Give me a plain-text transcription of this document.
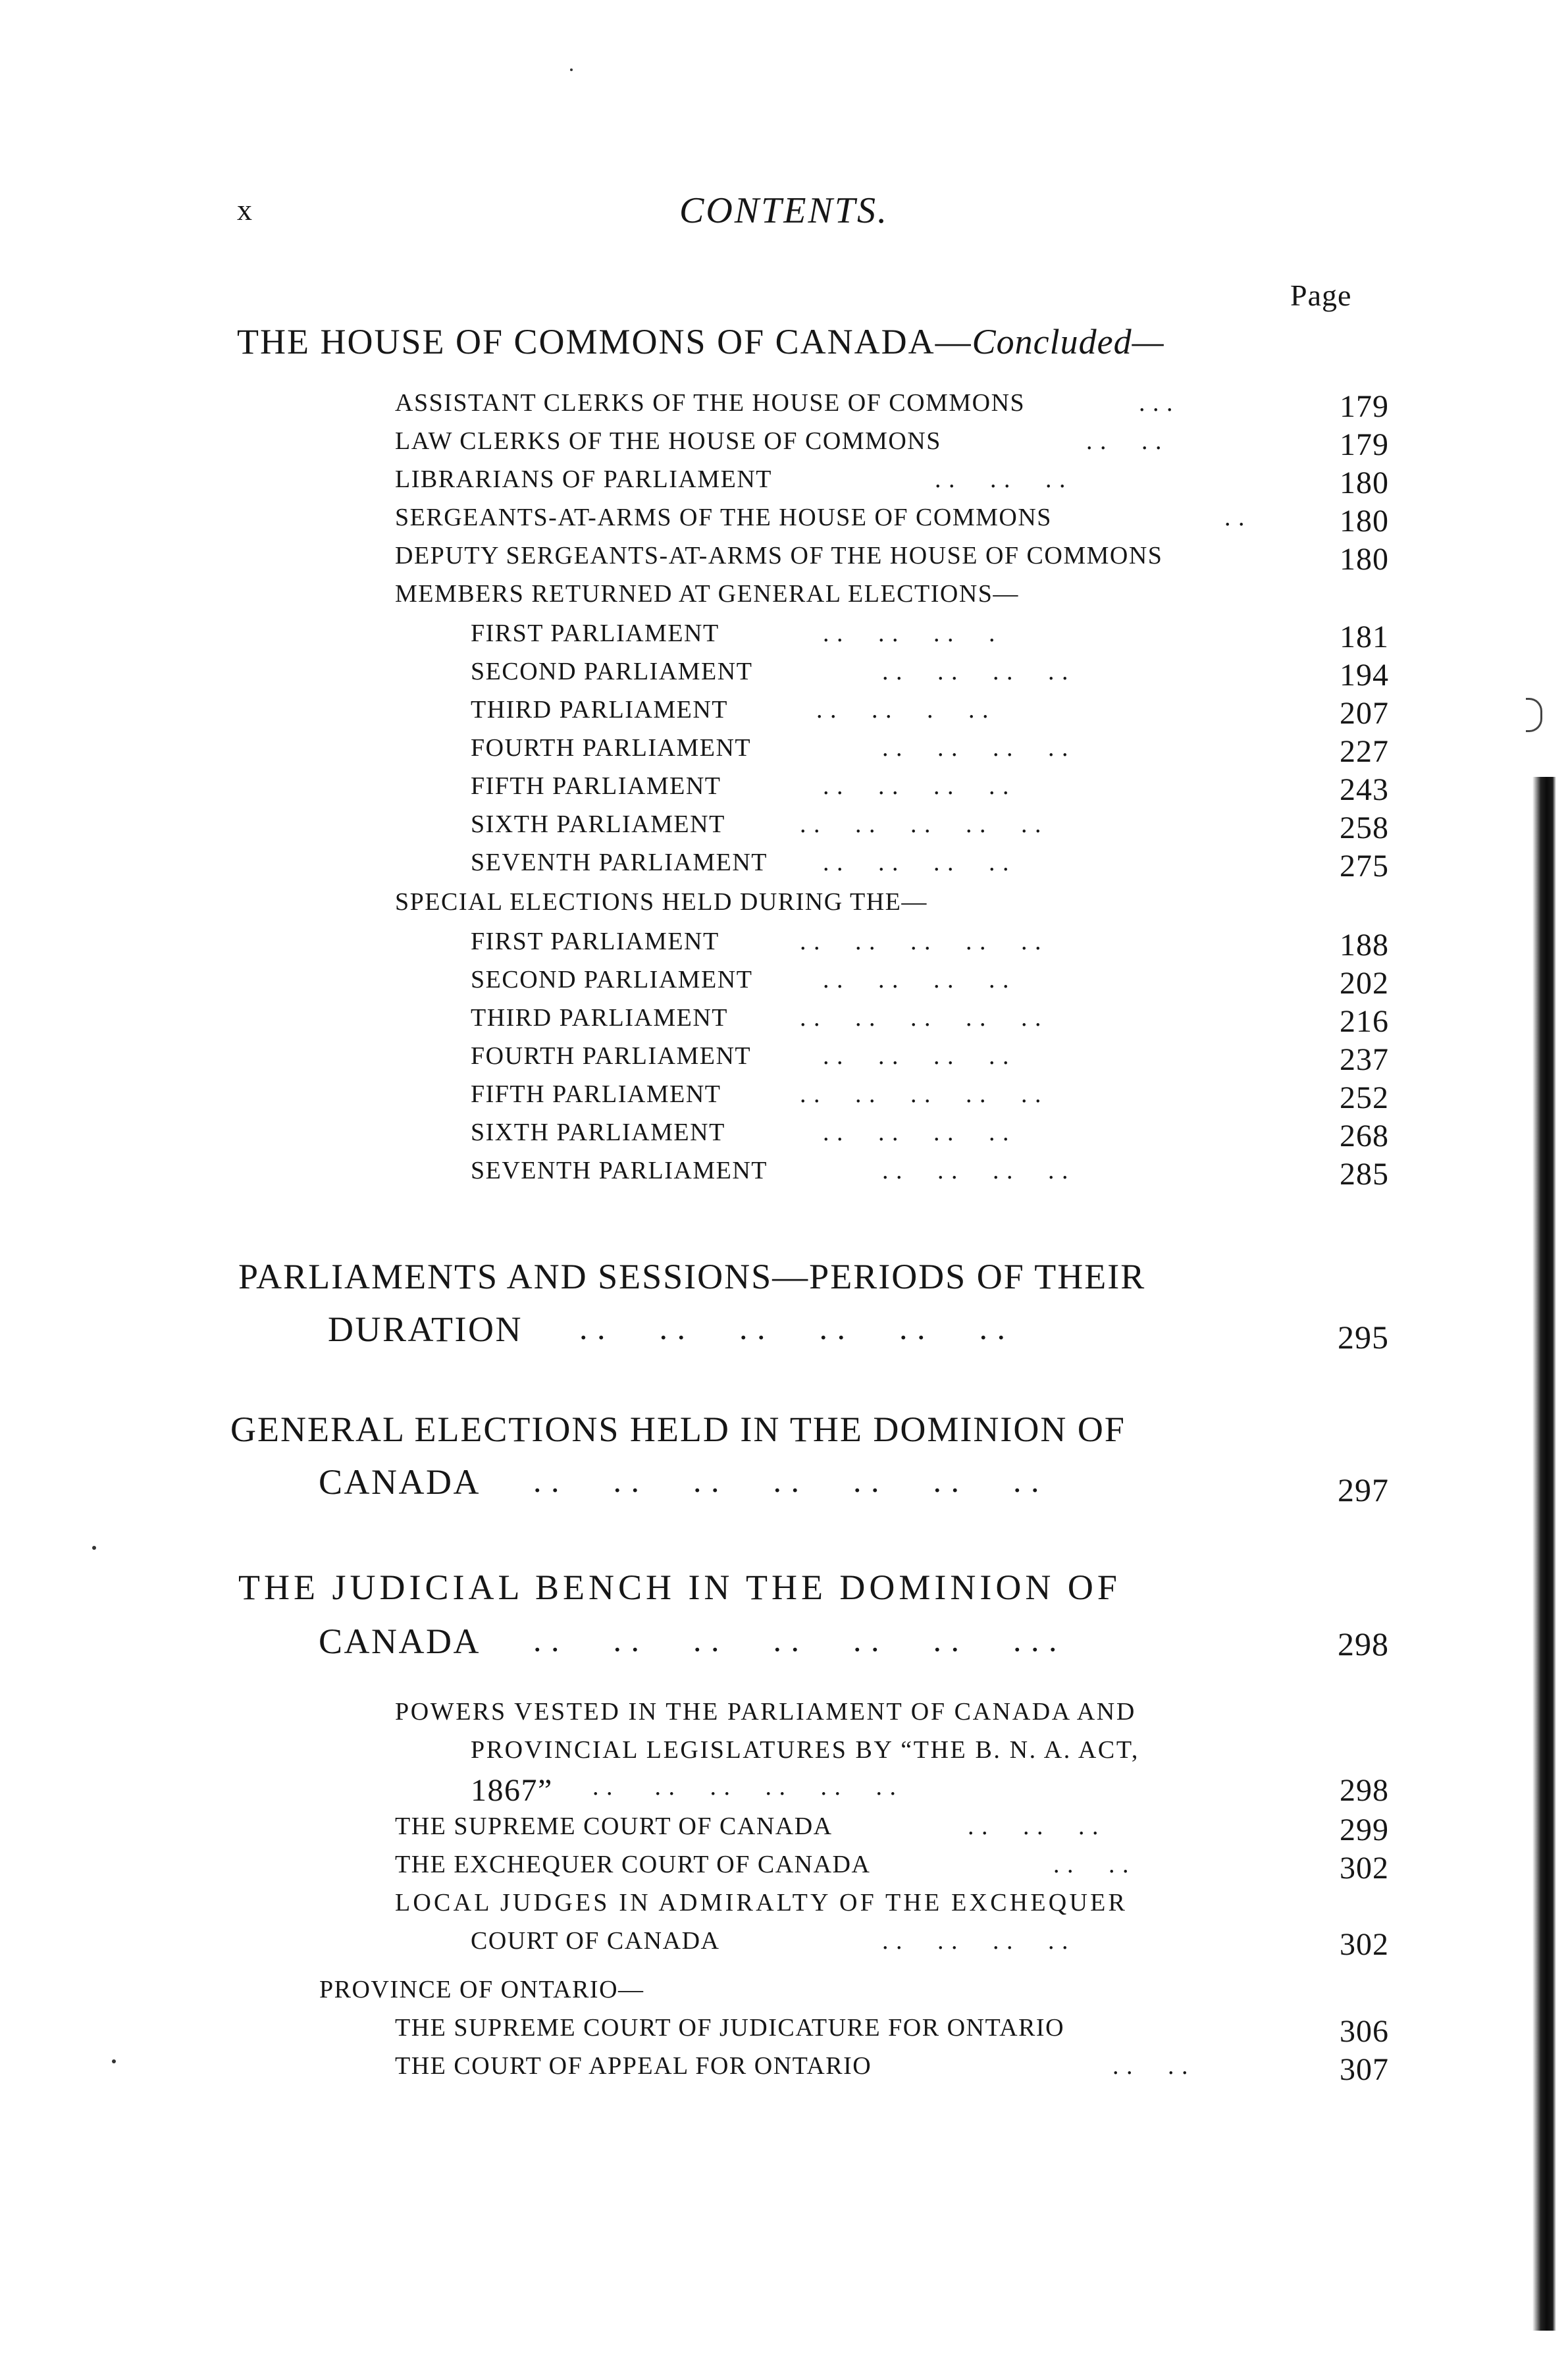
x	CONTENTS.
Page
THE HOUSE OF COMMONS OF CANADA—Concluded—
ASSISTANT CLERKS OF THE HOUSE OF COMMONS	. . .	179
LAW CLERKS OF THE HOUSE OF COMMONS	. .     . .	179
LIBRARIANS OF PARLIAMENT	. .     . .     . .	180
SERGEANTS-AT-ARMS OF THE HOUSE OF COMMONS	. .	180
DEPUTY SERGEANTS-AT-ARMS OF THE HOUSE OF COMMONS	180
MEMBERS RETURNED AT GENERAL ELECTIONS—
FIRST PARLIAMENT	. .     . .     . .     .	181
SECOND PARLIAMENT	. .     . .     . .     . .	194
THIRD PARLIAMENT	. .     . .     .     . .	207
FOURTH PARLIAMENT	. .     . .     . .     . .	227
FIFTH PARLIAMENT	. .     . .     . .     . .	243
SIXTH PARLIAMENT	. .     . .     . .     . .     . .	258
SEVENTH PARLIAMENT . .     . .     . .     . .	275
SPECIAL ELECTIONS HELD DURING THE—
FIRST PARLIAMENT	. .     . .     . .     . .     . .	188
SECOND PARLIAMENT	. .     . .     . .     . .	202
THIRD PARLIAMENT	. .     . .     . .     . .     . .	216
FOURTH PARLIAMENT	. .     . .     . .     . .	237
FIFTH PARLIAMENT	. .     . .     . .     . .     . .	252
SIXTH PARLIAMENT	. .     . .     . .     . .	268
SEVENTH PARLIAMENT	. .     . .     . .     . .	285
PARLIAMENTS AND SESSIONS—PERIODS OF THEIR
DURATION . .      . .      . .      . .      . .      . .	295
GENERAL ELECTIONS HELD IN THE DOMINION OF
CANADA . .      . .      . .      . .      . .      . .      . .	297
THE JUDICIAL BENCH IN THE DOMINION OF
CANADA . .      . .      . .      . .      . .      . .      . . .	298
POWERS VESTED IN THE PARLIAMENT OF CANADA AND
PROVINCIAL LEGISLATURES BY “THE B. N. A. ACT,
1867” . .      . .     . .     . .     . .     . .	298
THE SUPREME COURT OF CANADA	. .     . .     . .	299
THE EXCHEQUER COURT OF CANADA	. .     . .	302
LOCAL JUDGES IN ADMIRALTY OF THE EXCHEQUER
COURT OF CANADA	. .     . .     . .     . .	302
PROVINCE OF ONTARIO—
THE SUPREME COURT OF JUDICATURE FOR ONTARIO	306
THE COURT OF APPEAL FOR ONTARIO	. .     . .	307
